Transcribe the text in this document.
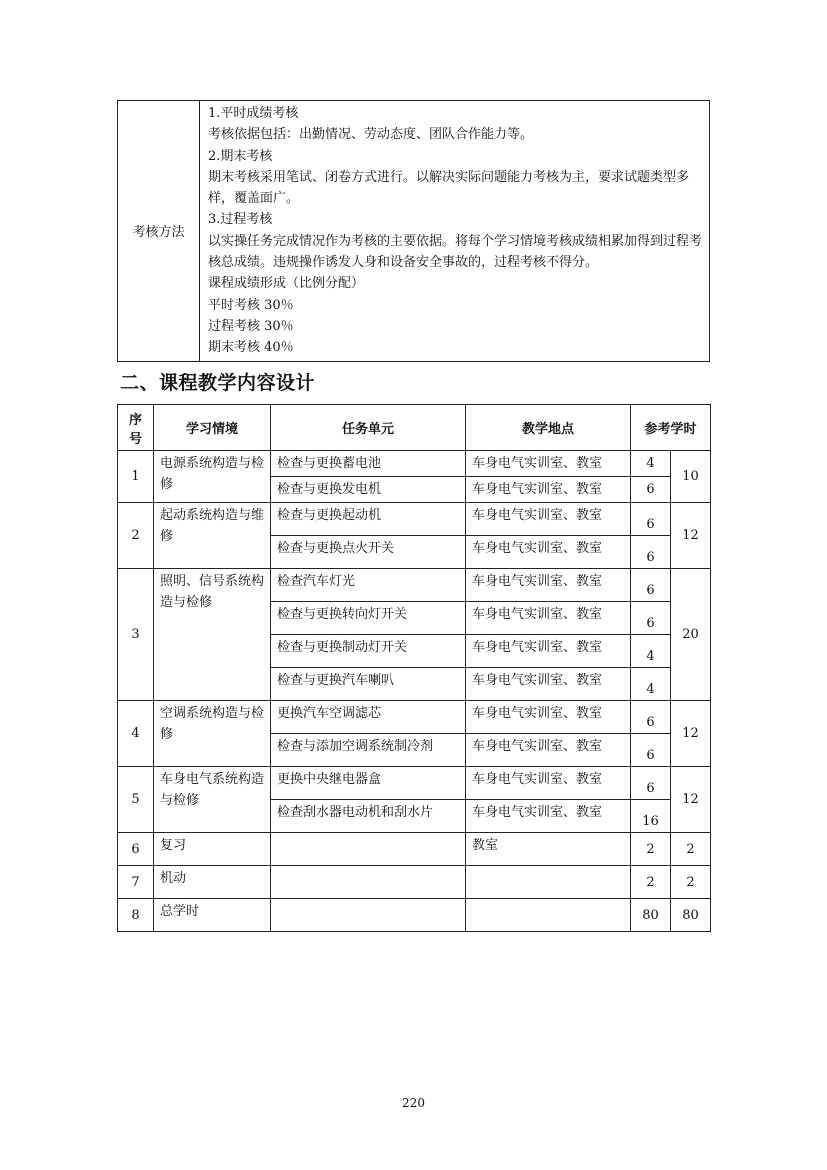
考核方法	
1.平时成绩考核
考核依据包括：出勤情况、劳动态度、团队合作能力等。
2.期末考核
期末考核采用笔试、闭卷方式进行。以解决实际问题能力考核为主，要求试题类型多样，覆盖面广。
3.过程考核
以实操任务完成情况作为考核的主要依据。将每个学习情境考核成绩相累加得到过程考核总成绩。违规操作诱发人身和设备安全事故的，过程考核不得分。
课程成绩形成（比例分配）
平时考核 30％
过程考核 30％
期末考核 40％
二、课程教学内容设计
序号	学习情境	任务单元	教学地点	参考学时	
1	电源系统构造与检修	检查与更换蓄电池	车身电气实训室、教室	4	10
		检查与更换发电机	车身电气实训室、教室	6	
2	起动系统构造与维修	检查与更换起动机	车身电气实训室、教室	6	12
		检查与更换点火开关	车身电气实训室、教室	6	
3	照明、信号系统构造与检修	检查汽车灯光	车身电气实训室、教室	6	20
		检查与更换转向灯开关	车身电气实训室、教室	6	
		检查与更换制动灯开关	车身电气实训室、教室	4	
		检查与更换汽车喇叭	车身电气实训室、教室	4	
4	空调系统构造与检修	更换汽车空调滤芯	车身电气实训室、教室	6	12
		检查与添加空调系统制冷剂	车身电气实训室、教室	6	
5	车身电气系统构造与检修	更换中央继电器盒	车身电气实训室、教室	6	12
		检查刮水器电动机和刮水片	车身电气实训室、教室	16	
6	复习		教室	2	2
7	机动			2	2
8	总学时			80	80
220
